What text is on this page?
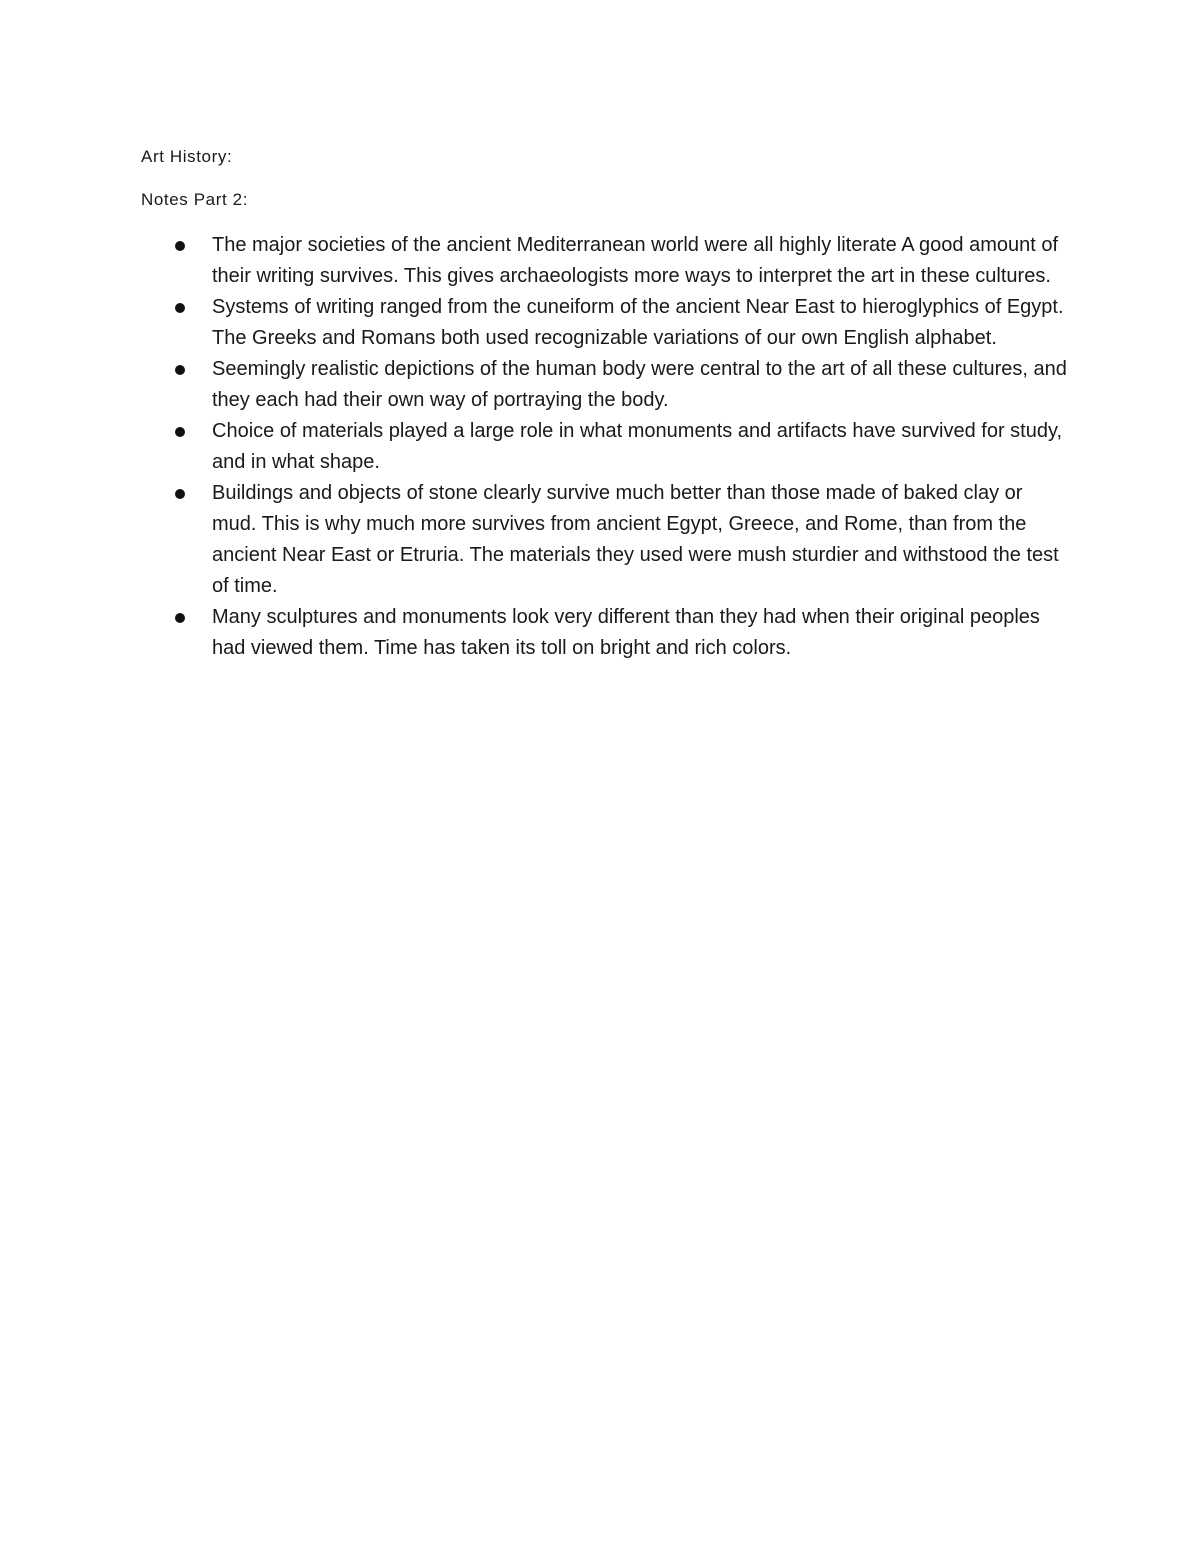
Art History:

Notes Part 2:

The major societies of the ancient Mediterranean world were all highly literate A good amount of their writing survives. This gives archaeologists more ways to interpret the art in these cultures.
Systems of writing ranged from the cuneiform of the ancient Near East to hieroglyphics of Egypt. The Greeks and Romans both used recognizable variations of our own English alphabet.
Seemingly realistic depictions of the human body were central to the art of all these cultures, and they each had their own way of portraying the body.
Choice of materials played a large role in what monuments and artifacts have survived for study, and in what shape.
Buildings and objects of stone clearly survive much better than those made of baked clay or mud. This is why much more survives from ancient Egypt, Greece, and Rome, than from the ancient Near East or Etruria. The materials they used were mush sturdier and withstood the test of time.
Many sculptures and monuments look very different than they had when their original peoples had viewed them. Time has taken its toll on bright and rich colors.
